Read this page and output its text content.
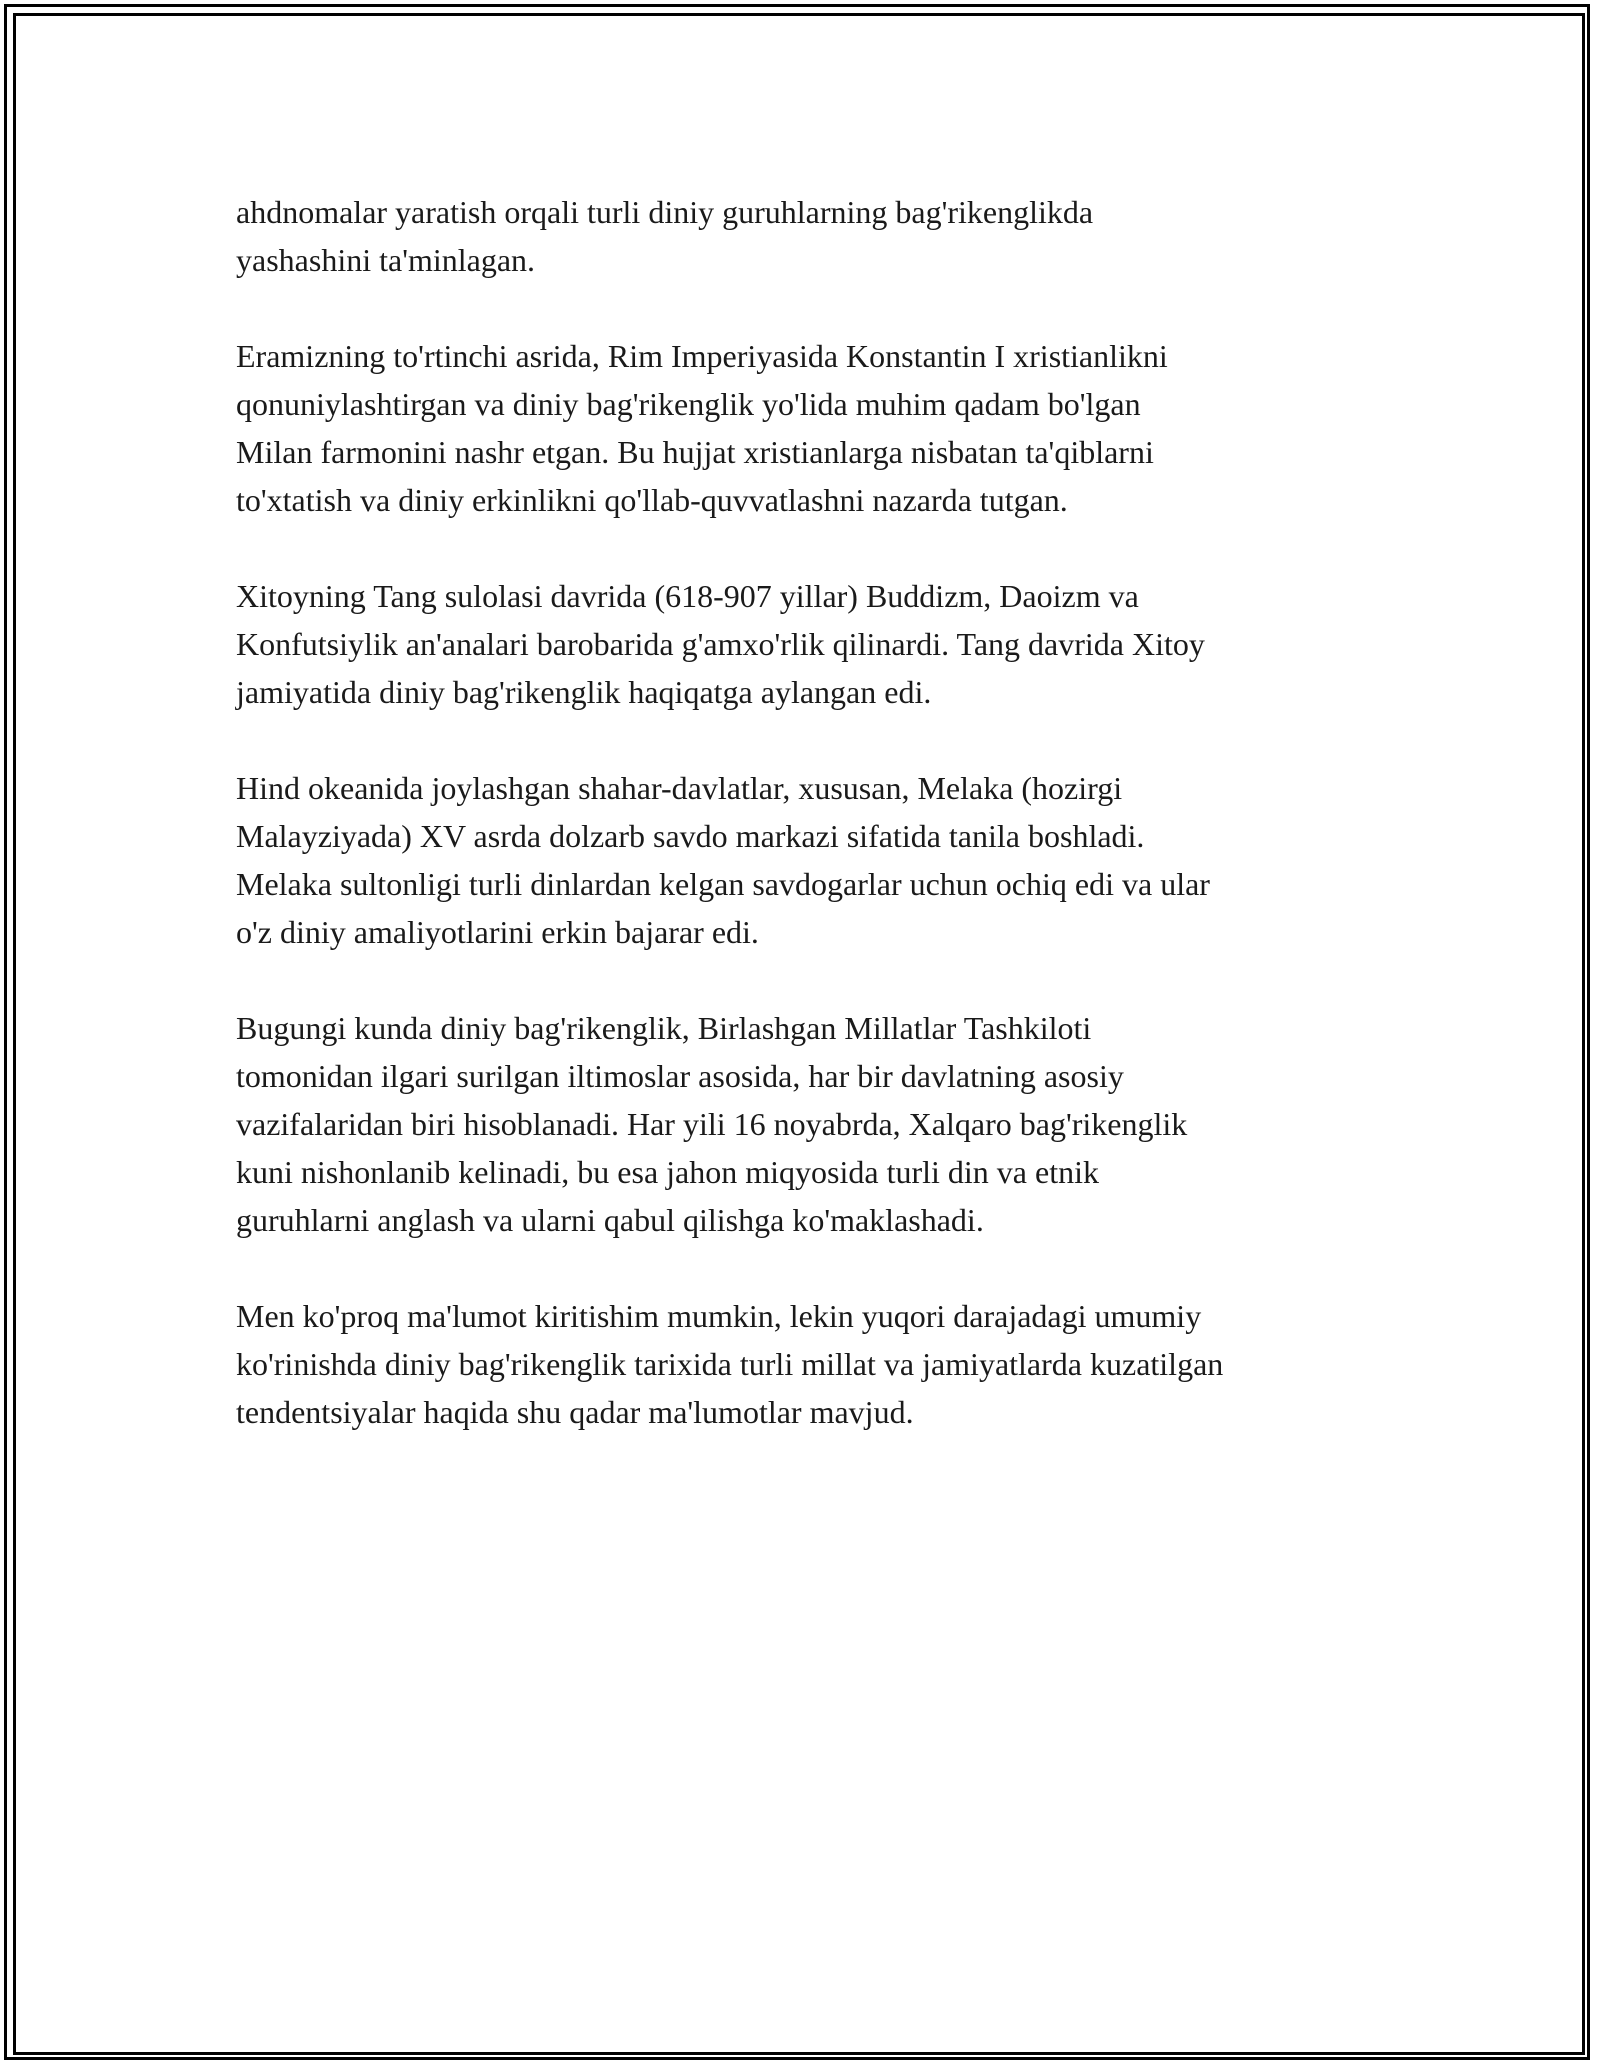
ahdnomalar yaratish orqali turli diniy guruhlarning bag'rikenglikda
yashashini ta'minlagan.

Eramizning to'rtinchi asrida, Rim Imperiyasida Konstantin I xristianlikni
qonuniylashtirgan va diniy bag'rikenglik yo'lida muhim qadam bo'lgan
Milan farmonini nashr etgan. Bu hujjat xristianlarga nisbatan ta'qiblarni
to'xtatish va diniy erkinlikni qo'llab-quvvatlashni nazarda tutgan.

Xitoyning Tang sulolasi davrida (618-907 yillar) Buddizm, Daoizm va
Konfutsiylik an'analari barobarida g'amxo'rlik qilinardi. Tang davrida Xitoy
jamiyatida diniy bag'rikenglik haqiqatga aylangan edi.

Hind okeanida joylashgan shahar-davlatlar, xususan, Melaka (hozirgi
Malayziyada) XV asrda dolzarb savdo markazi sifatida tanila boshladi.
Melaka sultonligi turli dinlardan kelgan savdogarlar uchun ochiq edi va ular
o'z diniy amaliyotlarini erkin bajarar edi.

Bugungi kunda diniy bag'rikenglik, Birlashgan Millatlar Tashkiloti
tomonidan ilgari surilgan iltimoslar asosida, har bir davlatning asosiy
vazifalaridan biri hisoblanadi. Har yili 16 noyabrda, Xalqaro bag'rikenglik
kuni nishonlanib kelinadi, bu esa jahon miqyosida turli din va etnik
guruhlarni anglash va ularni qabul qilishga ko'maklashadi.

Men ko'proq ma'lumot kiritishim mumkin, lekin yuqori darajadagi umumiy
ko'rinishda diniy bag'rikenglik tarixida turli millat va jamiyatlarda kuzatilgan
tendentsiyalar haqida shu qadar ma'lumotlar mavjud.
